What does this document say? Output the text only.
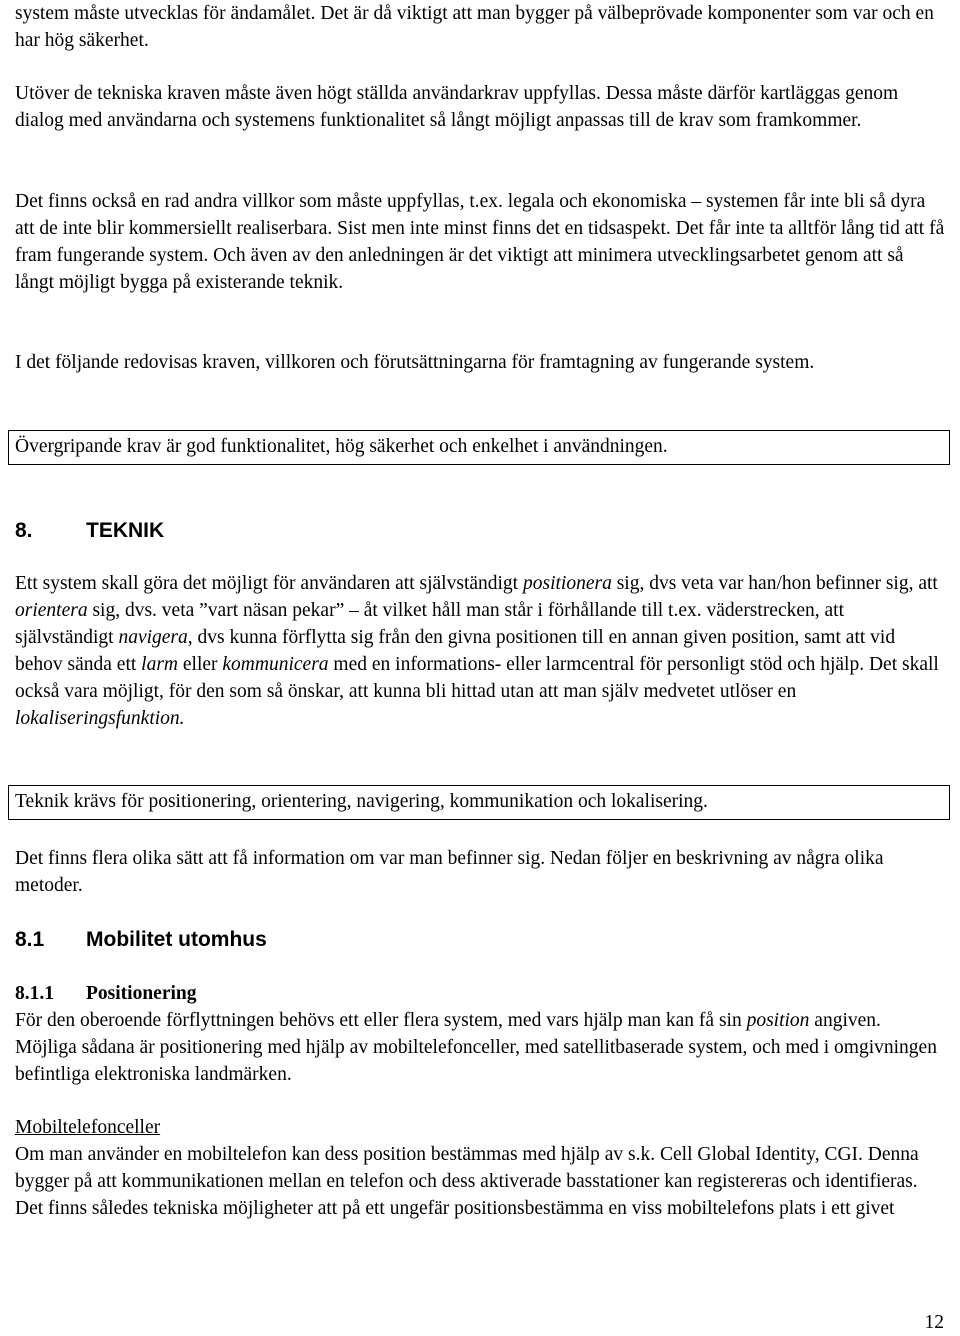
system måste utvecklas för ändamålet. Det är då viktigt att man bygger på välbeprövade komponenter som var och en har hög säkerhet.

Utöver de tekniska kraven måste även högt ställda användarkrav uppfyllas. Dessa måste därför kartläggas genom dialog med användarna och systemens funktionalitet så långt möjligt anpassas till de krav som framkommer.

Det finns också en rad andra villkor som måste uppfyllas, t.ex. legala och ekonomiska – systemen får inte bli så dyra att de inte blir kommersiellt realiserbara. Sist men inte minst finns det en tidsaspekt. Det får inte ta alltför lång tid att få fram fungerande system. Och även av den anledningen är det viktigt att minimera utvecklingsarbetet genom att så långt möjligt bygga på existerande teknik.

I det följande redovisas kraven, villkoren och förutsättningarna för framtagning av fungerande system.

Övergripande krav är god funktionalitet, hög säkerhet och enkelhet i användningen.
8.	TEKNIK

Ett system skall göra det möjligt för användaren att självständigt positionera sig, dvs veta var han/hon befinner sig, att orientera sig, dvs. veta ”vart näsan pekar” – åt vilket håll man står i förhållande till t.ex. väderstrecken, att självständigt navigera, dvs kunna förflytta sig från den givna positionen till en annan given position, samt att vid behov sända ett larm eller kommunicera med en informations- eller larmcentral för personligt stöd och hjälp. Det skall också vara möjligt, för den som så önskar, att kunna bli hittad utan att man själv medvetet utlöser en lokaliseringsfunktion.

Teknik krävs för positionering, orientering, navigering, kommunikation och lokalisering.

Det finns flera olika sätt att få information om var man befinner sig. Nedan följer en beskrivning av några olika metoder.

8.1 Mobilitet utomhus
8.1.1 Positionering

För den oberoende förflyttningen behövs ett eller flera system, med vars hjälp man kan få sin position angiven. Möjliga sådana är positionering med hjälp av mobiltelefonceller, med satellitbaserade system, och med i omgivningen befintliga elektroniska landmärken.

Mobiltelefonceller

Om man använder en mobiltelefon kan dess position bestämmas med hjälp av s.k. Cell Global Identity, CGI. Denna bygger på att kommunikationen mellan en telefon och dess aktiverade basstationer kan registereras och identifieras. Det finns således tekniska möjligheter att på ett ungefär positionsbestämma en viss mobiltelefons plats i ett givet

12
